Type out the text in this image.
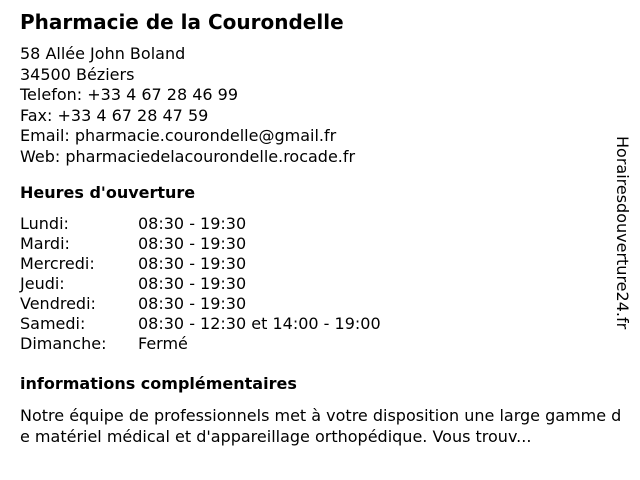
Pharmacie de la Courondelle
58 Allée John Boland
34500 Béziers
Telefon: +33 4 67 28 46 99
Fax: +33 4 67 28 47 59
Email: pharmacie.courondelle@gmail.fr
Web: pharmaciedelacourondelle.rocade.fr
Heures d'ouverture
Lundi:	08:30 - 19:30
Mardi:	08:30 - 19:30
Mercredi:	08:30 - 19:30
Jeudi:	08:30 - 19:30
Vendredi:	08:30 - 19:30
Samedi:	08:30 - 12:30 et 14:00 - 19:00
Dimanche: Fermé
informations complémentaires
Notre équipe de professionnels met à votre disposition une large gamme de matériel médical et d'appareillage orthopédique. Vous trouv...
Horairesdouverture24.fr
